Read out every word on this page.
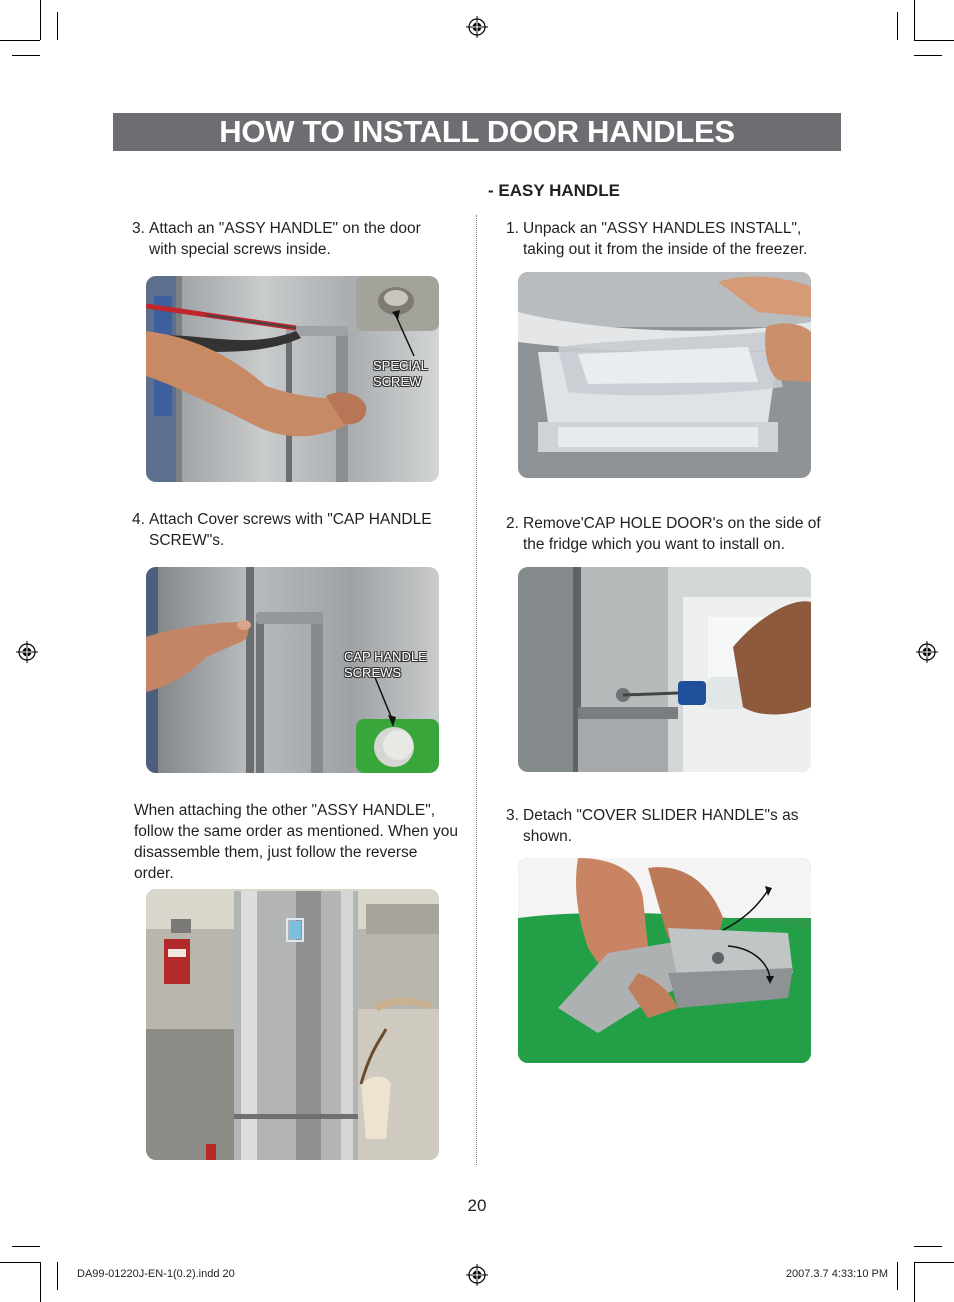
HOW TO INSTALL DOOR HANDLES
- EASY HANDLE
3. Attach an "ASSY HANDLE" on the door with special screws inside.
SPECIAL SCREW
4. Attach Cover screws with "CAP HANDLE SCREW"s.
CAP HANDLE SCREWS
When attaching the other "ASSY HANDLE", follow the same order as mentioned. When you disassemble them, just follow the reverse order.
1. Unpack an "ASSY HANDLES INSTALL", taking out it from the inside of the freezer.
2. Remove'CAP HOLE DOOR's on the side of the fridge which you want to install on.
3. Detach "COVER SLIDER HANDLE"s as shown.
20
DA99-01220J-EN-1(0.2).indd 20	2007.3.7 4:33:10 PM
